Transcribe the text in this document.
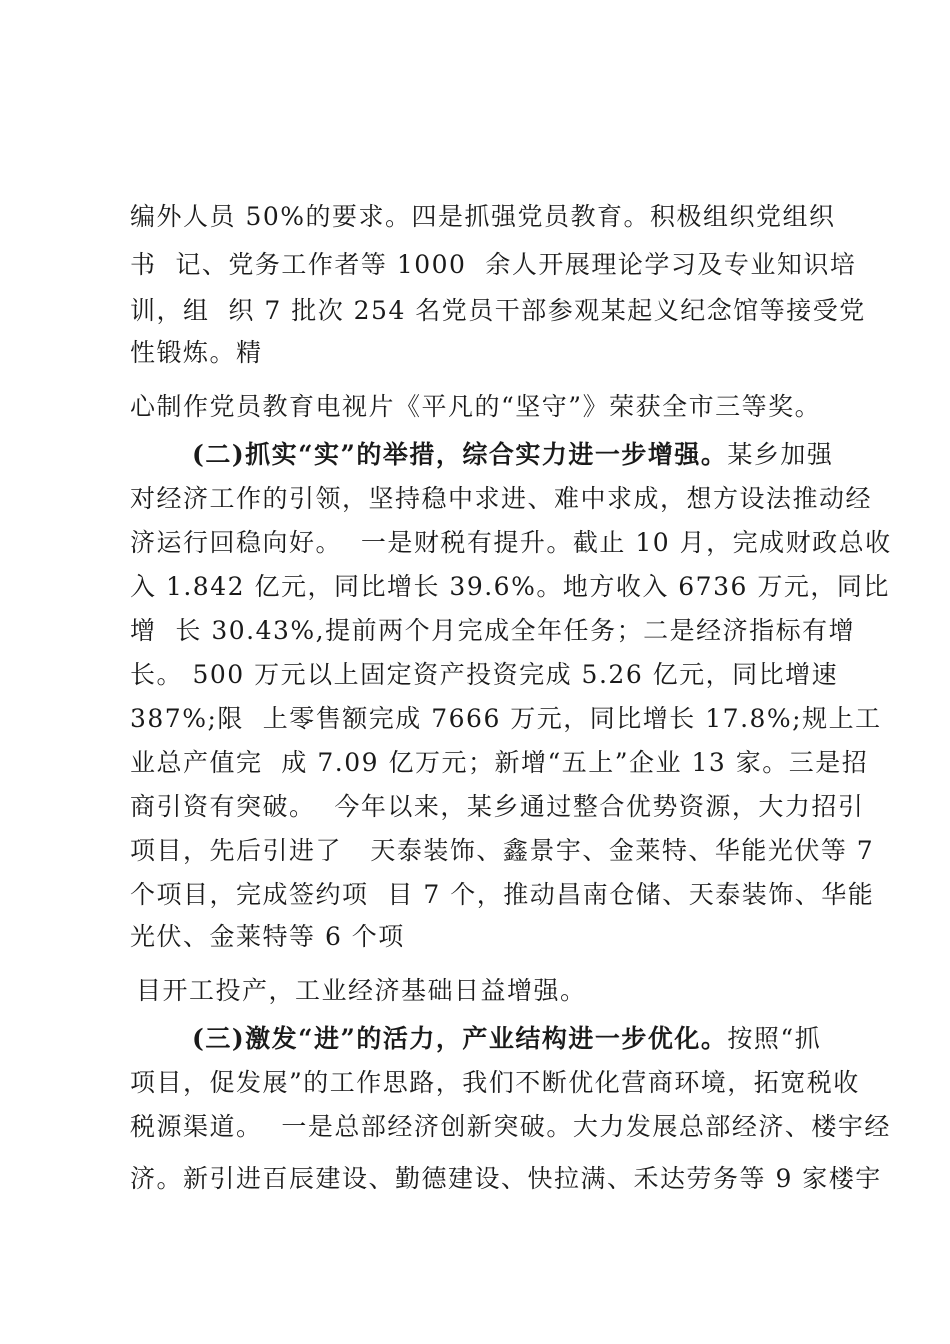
编外人员 50%的要求。四是抓强党员教育。积极组织党组织
书  记、党务工作者等 1000  余人开展理论学习及专业知识培
训，组  织 7 批次 254 名党员干部参观某起义纪念馆等接受党
性锻炼。精
心制作党员教育电视片《平凡的“坚守”》荣获全市三等奖。
(二)抓实“实”的举措，综合实力进一步增强。某乡加强
对经济工作的引领，坚持稳中求进、难中求成，想方设法推动经
济运行回稳向好。  一是财税有提升。截止 10 月，完成财政总收
入 1.842 亿元，同比增长 39.6%。地方收入 6736 万元，同比
增  长 30.43%,提前两个月完成全年任务；二是经济指标有增
长。 500 万元以上固定资产投资完成 5.26 亿元，同比增速
387%;限  上零售额完成 7666 万元，同比增长 17.8%;规上工
业总产值完  成 7.09 亿万元；新增“五上”企业 13 家。三是招
商引资有突破。  今年以来，某乡通过整合优势资源，大力招引
项目，先后引进了   天泰装饰、鑫景宇、金莱特、华能光伏等 7
个项目，完成签约项  目 7 个，推动昌南仓储、天泰装饰、华能
光伏、金莱特等 6 个项
目开工投产，工业经济基础日益增强。
(三)激发“进”的活力，产业结构进一步优化。按照“抓
项目，促发展”的工作思路，我们不断优化营商环境，拓宽税收
税源渠道。  一是总部经济创新突破。大力发展总部经济、楼宇经
济。新引进百辰建设、勤德建设、快拉满、禾达劳务等 9 家楼宇
